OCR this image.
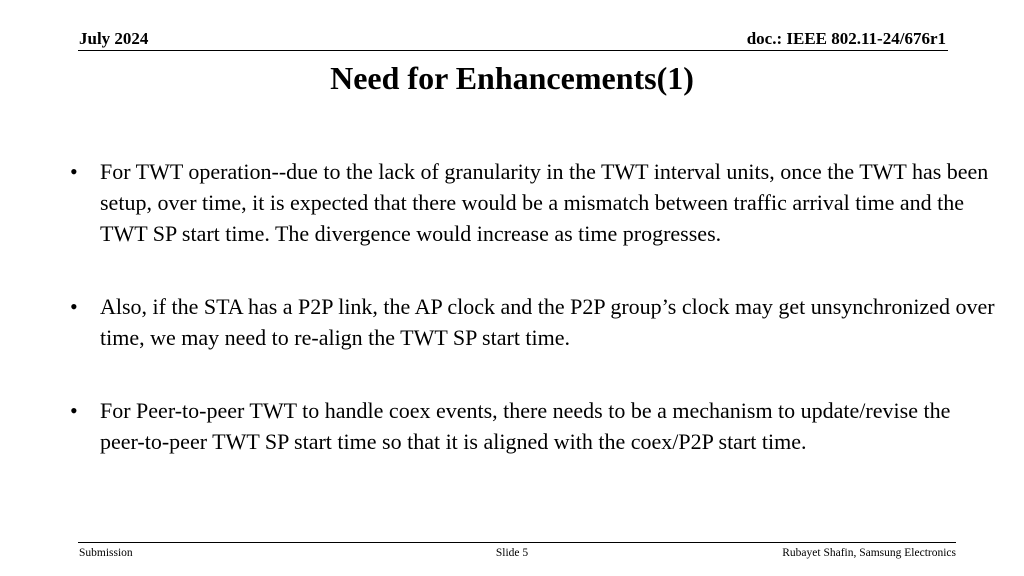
July 2024	doc.: IEEE 802.11-24/676r1
Need for Enhancements(1)
•	For TWT operation--due to the lack of granularity in the TWT interval units, once the TWT has been setup, over time, it is expected that there would be a mismatch between traffic arrival time and the TWT SP start time. The divergence would increase as time progresses.
•	Also, if the STA has a P2P link, the AP clock and the P2P group’s clock may get unsynchronized over time, we may need to re-align the TWT SP start time.
•	For Peer-to-peer TWT to handle coex events, there needs to be a mechanism to update/revise the peer-to-peer TWT SP start time so that it is aligned with the coex/P2P start time.
Submission	Slide 5	Rubayet Shafin, Samsung Electronics
